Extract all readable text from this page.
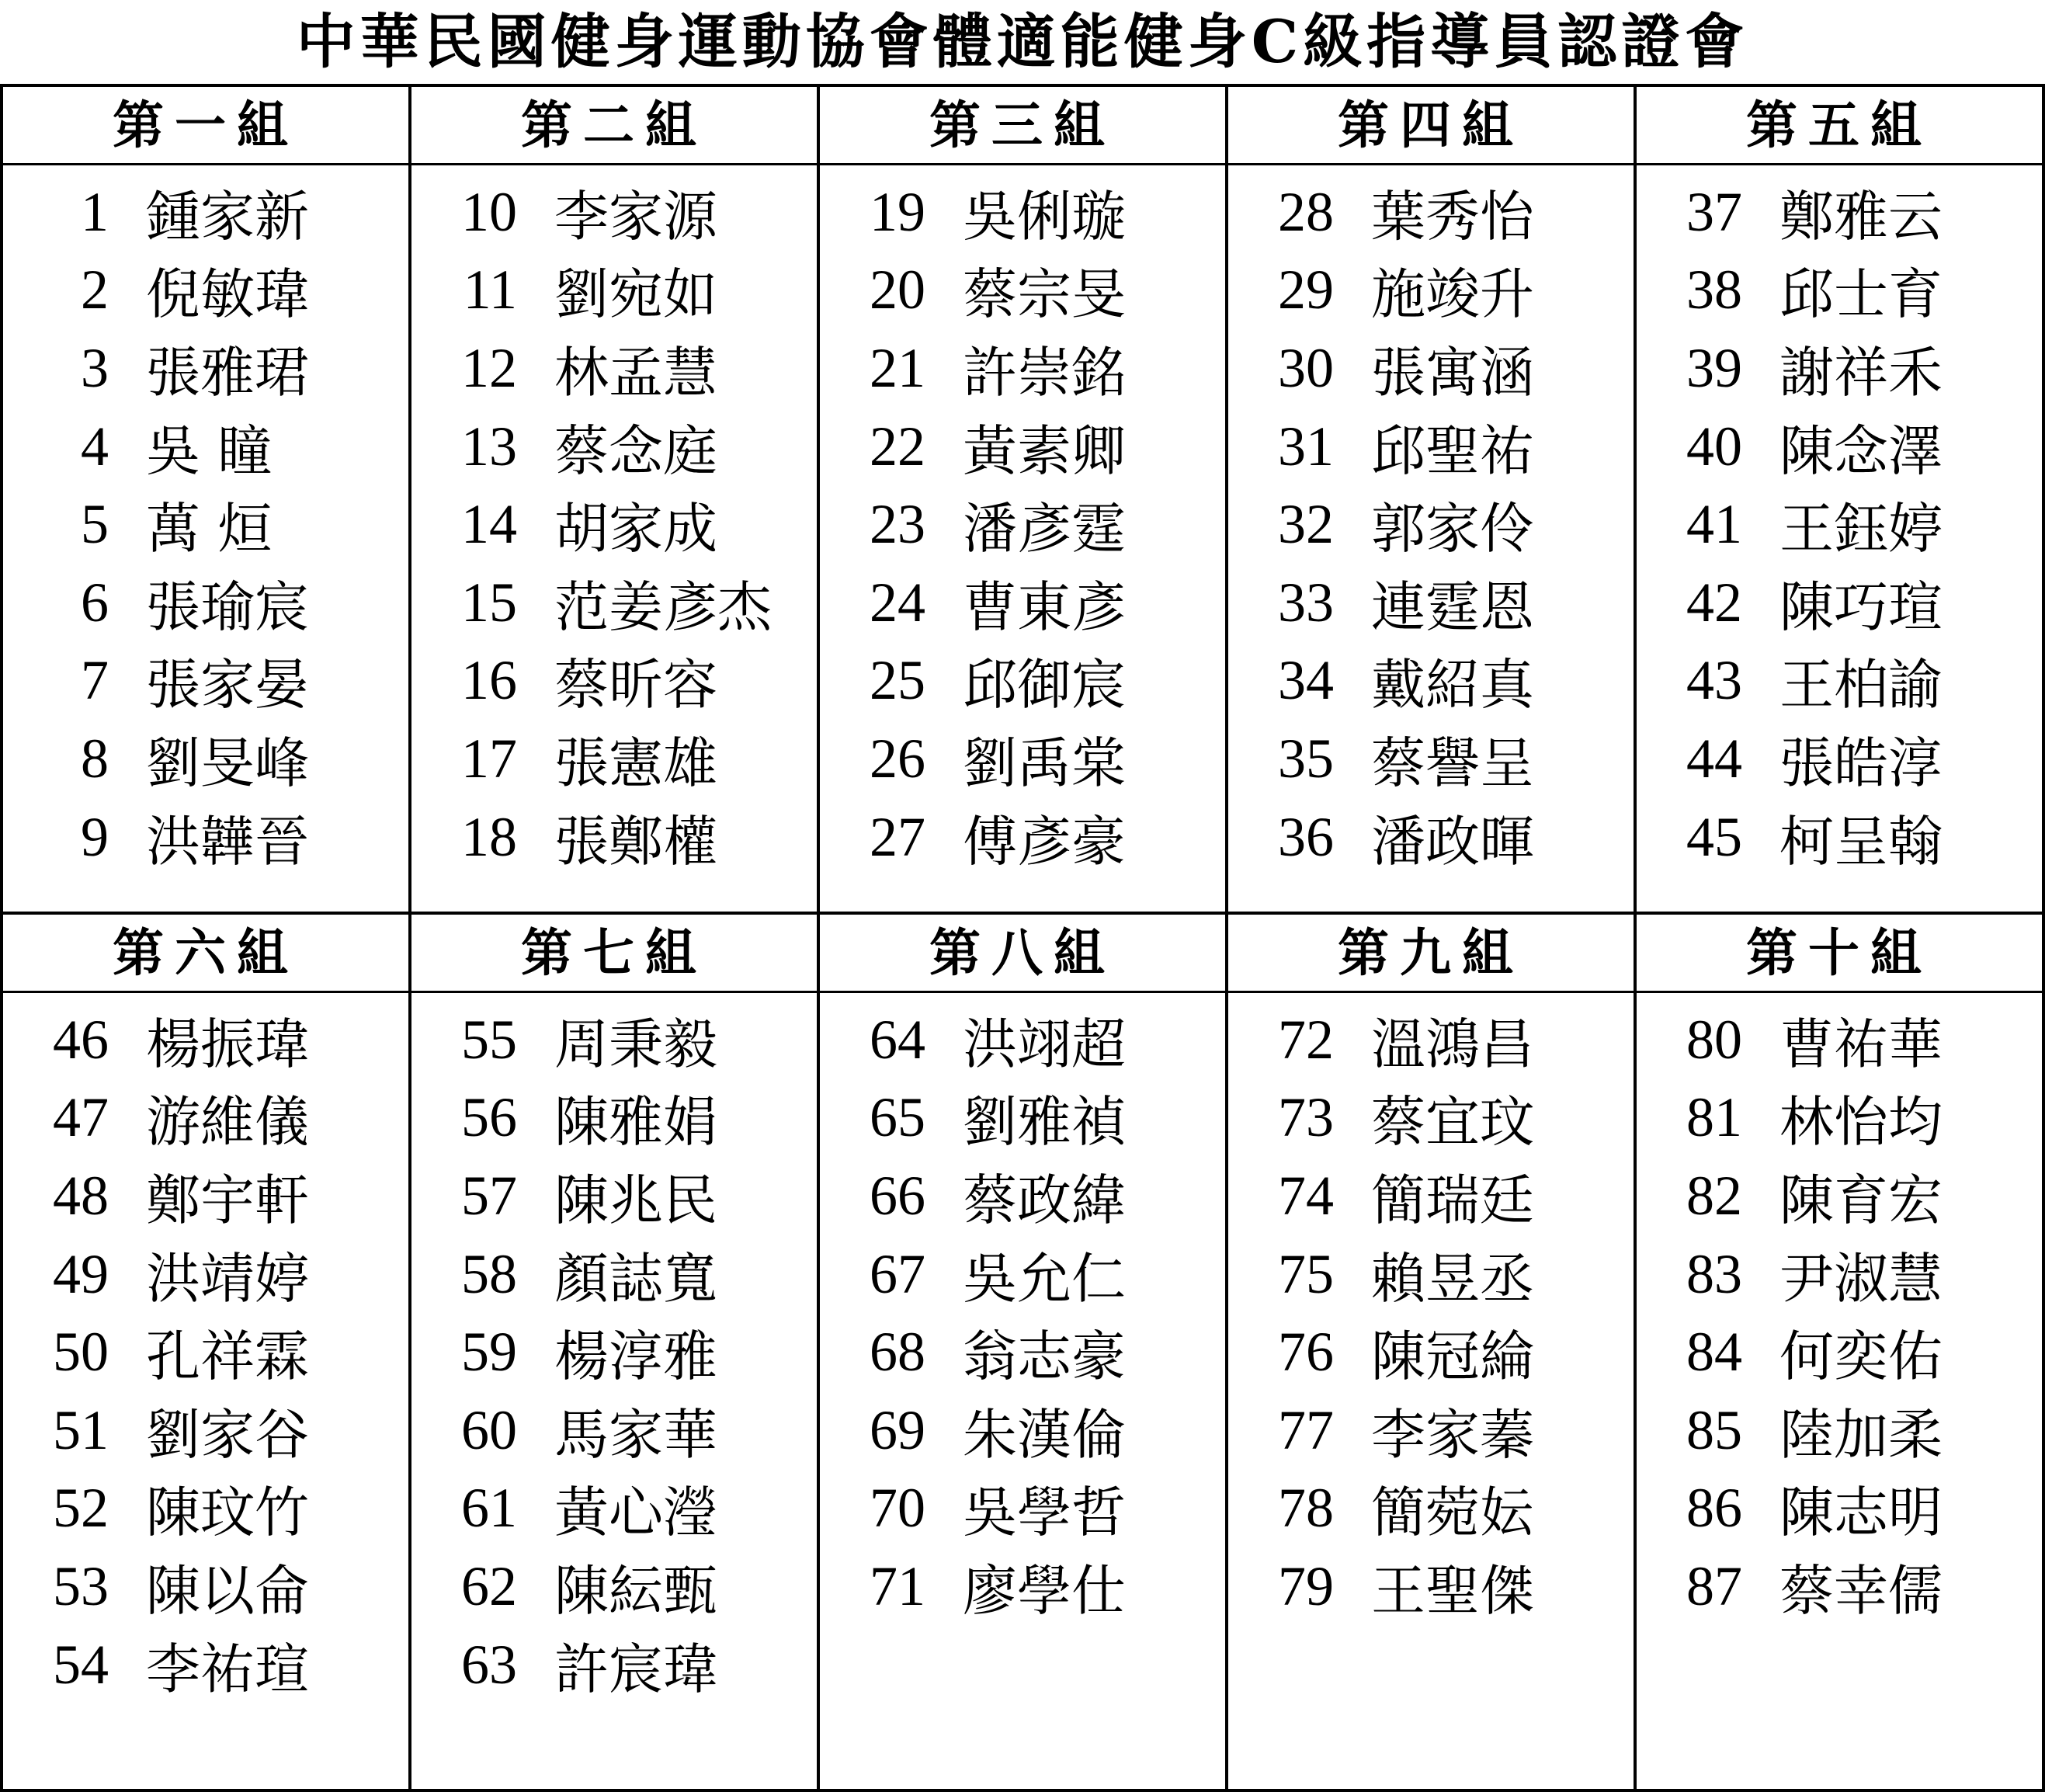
中華民國健身運動協會體適能健身C級指導員認證會
第一組
1 鍾家新
2 倪敏瑋
3 張雅珺
4 吳 瞳
5 萬 烜
6 張瑜宸
7 張家晏
8 劉旻峰
9 洪韡晉
第二組
10 李家源
11 劉宛如
12 林孟慧
13 蔡念庭
14 胡家成
15 范姜彥杰
16 蔡昕容
17 張憲雄
18 張鄭權
第三組
19 吳俐璇
20 蔡宗旻
21 許崇銘
22 黃素卿
23 潘彥霆
24 曹東彥
25 邱御宸
26 劉禹棠
27 傅彥豪
第四組
28 葉秀怡
29 施竣升
30 張寓涵
31 邱聖祐
32 郭家伶
33 連霆恩
34 戴紹真
35 蔡譽呈
36 潘政暉
第五組
37 鄭雅云
38 邱士育
39 謝祥禾
40 陳念澤
41 王鈺婷
42 陳巧瑄
43 王柏諭
44 張皓淳
45 柯呈翰
第六組
46 楊振瑋
47 游維儀
48 鄭宇軒
49 洪靖婷
50 孔祥霖
51 劉家谷
52 陳玟竹
53 陳以侖
54 李祐瑄
第七組
55 周秉毅
56 陳雅娟
57 陳兆民
58 顏誌寬
59 楊淳雅
60 馬家華
61 黃心瀅
62 陳紜甄
63 許宸瑋
第八組
64 洪翊超
65 劉雅禎
66 蔡政緯
67 吳允仁
68 翁志豪
69 朱漢倫
70 吳學哲
71 廖學仕
第九組
72 溫鴻昌
73 蔡宜玟
74 簡瑞廷
75 賴昱丞
76 陳冠綸
77 李家蓁
78 簡菀妘
79 王聖傑
第十組
80 曹祐華
81 林怡均
82 陳育宏
83 尹淑慧
84 何奕佑
85 陸加柔
86 陳志明
87 蔡幸儒
